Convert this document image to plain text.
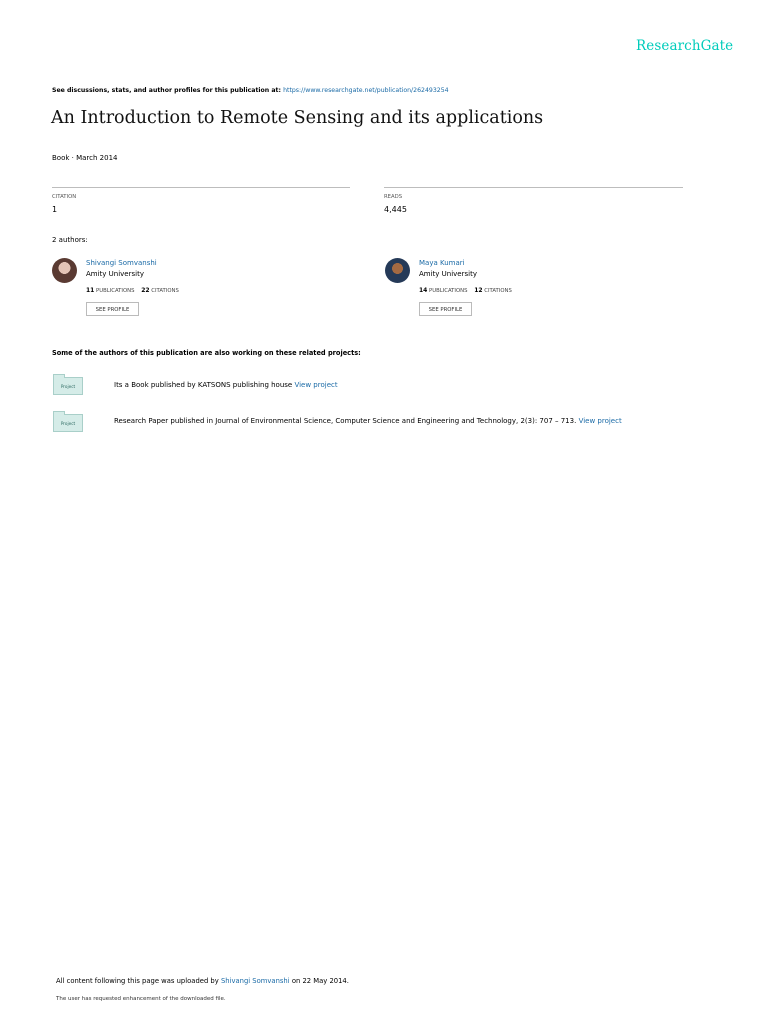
ResearchGate
See discussions, stats, and author profiles for this publication at: https://www.researchgate.net/publication/262493254
An Introduction to Remote Sensing and its applications
Book · March 2014
CITATION
1
READS
4,445
2 authors:
Shivangi Somvanshi
Amity University
11 PUBLICATIONS 22 CITATIONS
SEE PROFILE
Maya Kumari
Amity University
14 PUBLICATIONS 12 CITATIONS
SEE PROFILE
Some of the authors of this publication are also working on these related projects:
Project	Its a Book published by KATSONS publishing house View project
Project	Research Paper published in Journal of Environmental Science, Computer Science and Engineering and Technology, 2(3): 707 – 713. View project
All content following this page was uploaded by Shivangi Somvanshi on 22 May 2014.
The user has requested enhancement of the downloaded file.
